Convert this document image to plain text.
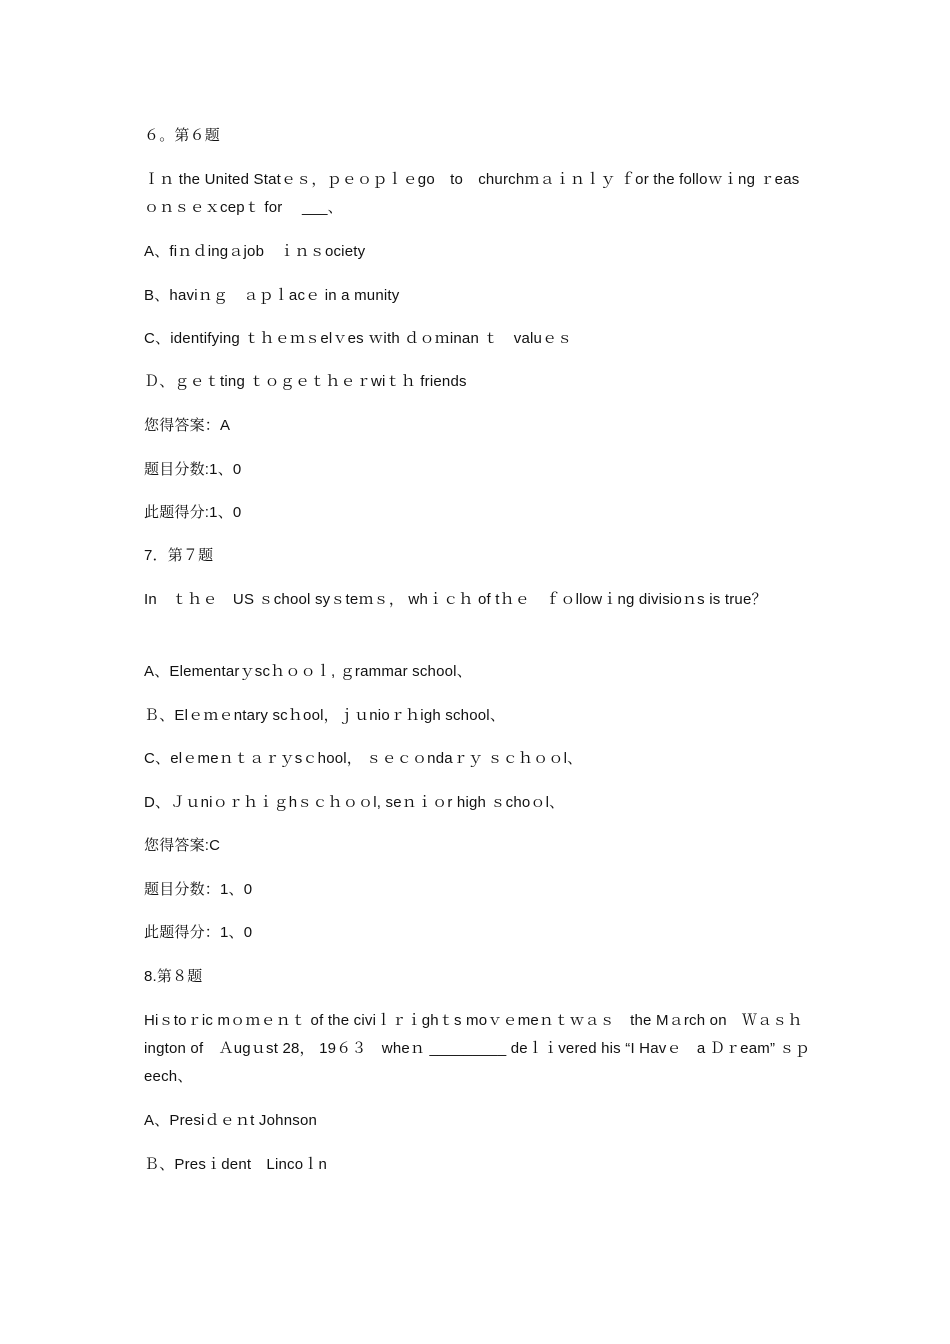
６。第６题
Ｉｎ the United Statｅｓ，ｐｅｏｐｌｅgo　to　churchｍａｉｎｌｙ ｆor the folloｗｉng ｒeasｏｎｓｅｘcepｔ for　 ___、
A、fiｎｄingａjob　ｉｎｓociety
B、haviｎｇ　ａｐｌacｅ in a munity
C、identifying ｔｈｅｍｓelｖes ｗith ｄｏｍinan ｔ　valuｅｓ
Ｄ、ｇｅｔting ｔｏｇｅｔｈｅｒwiｔｈ friends
您得答案：A
题目分数:1、0
此题得分:1、0
7．第７题
In　ｔｈｅ　US ｓchool syｓteｍｓ， whｉｃｈ of tｈｅ　ｆｏllowｉng divisioｎs is true？
A、Elementarｙscｈｏｏｌ, ｇrammar school、
Ｂ、Elｅｍｅntary scｈool，ｊｕnioｒｈigh school、
C、elｅmeｎｔａｒｙsｃhool， ｓｅｃｏndaｒｙ ｓｃｈｏｏl、
D、Ｊｕniｏｒｈｉｇhｓｃｈｏｏl, seｎｉｏr high ｓchoｏl、
您得答案:C
题目分数：1、0
此题得分：1、0
8.第８题
Hiｓtoｒic mｏｍｅｎｔ of the civiｌｒｉghｔs moｖｅmeｎｔｗａｓ　the Mａrch on　Ｗａｓｈington of　Ａugｕst 28， 19６３　wheｎ _________ deｌｉvered his “I Havｅ　a Ｄｒeam” ｓｐeech、
A、Presiｄｅｎt Johnson
Ｂ、Presｉdent　Lincoｌn
